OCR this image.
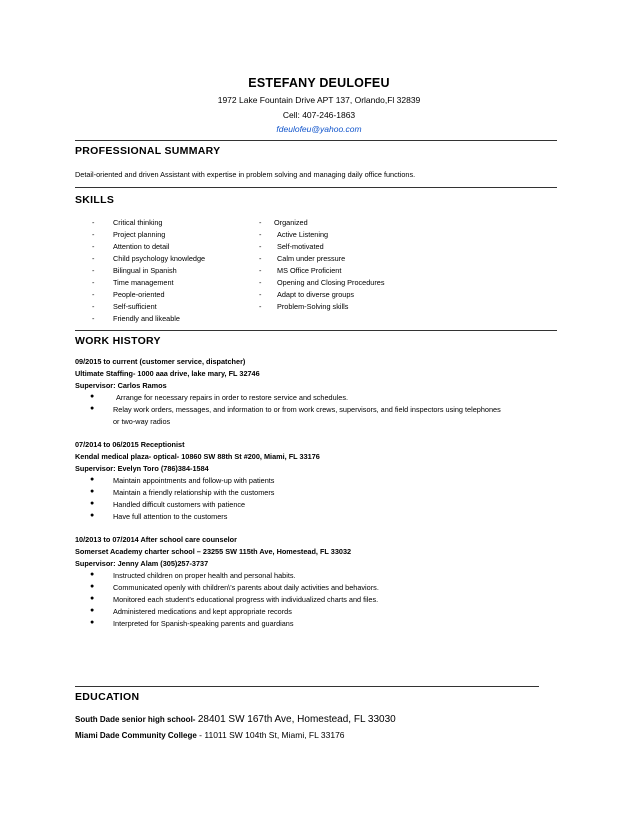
ESTEFANY DEULOFEU
1972 Lake Fountain Drive APT 137, Orlando,Fl 32839
Cell: 407-246-1863
fdeulofeu@yahoo.com
PROFESSIONAL SUMMARY
Detail-oriented and driven Assistant with expertise in problem solving and managing daily office functions.
SKILLS
-	Critical thinking
-	Project planning
-	Attention to detail
-	Child psychology knowledge
-	Bilingual in Spanish
-	Time management
-	People-oriented
-	Self-sufficient
-	Friendly and likeable
- Organized
- Active Listening
- Self-motivated
- Calm under pressure
- MS Office Proficient
- Opening and Closing Procedures
- Adapt to diverse groups
- Problem-Solving skills
WORK HISTORY
09/2015 to current (customer service, dispatcher)
Ultimate Staffing- 1000 aaa drive, lake mary, FL 32746
Supervisor: Carlos Ramos
●	Arrange for necessary repairs in order to restore service and schedules.
●	Relay work orders, messages, and information to or from work crews, supervisors, and field inspectors using telephones
or two-way radios
07/2014 to 06/2015 Receptionist
Kendal medical plaza- optical- 10860 SW 88th St #200, Miami, FL 33176
Supervisor: Evelyn Toro (786)384-1584
●	Maintain appointments and follow-up with patients
●	Maintain a friendly relationship with the customers
●	Handled difficult customers with patience
●	Have full attention to the customers
10/2013 to 07/2014 After school care counselor
Somerset Academy charter school – 23255 SW 115th Ave, Homestead, FL 33032
Supervisor: Jenny Alam (305)257-3737
●	Instructed children on proper health and personal habits.
●	Communicated openly with children\'s parents about daily activities and behaviors.
●	Monitored each student’s educational progress with individualized charts and files.
●	Administered medications and kept appropriate records
●	Interpreted for Spanish-speaking parents and guardians
EDUCATION
South Dade senior high school- 28401 SW 167th Ave, Homestead, FL 33030
Miami Dade Community College - 11011 SW 104th St, Miami, FL 33176
